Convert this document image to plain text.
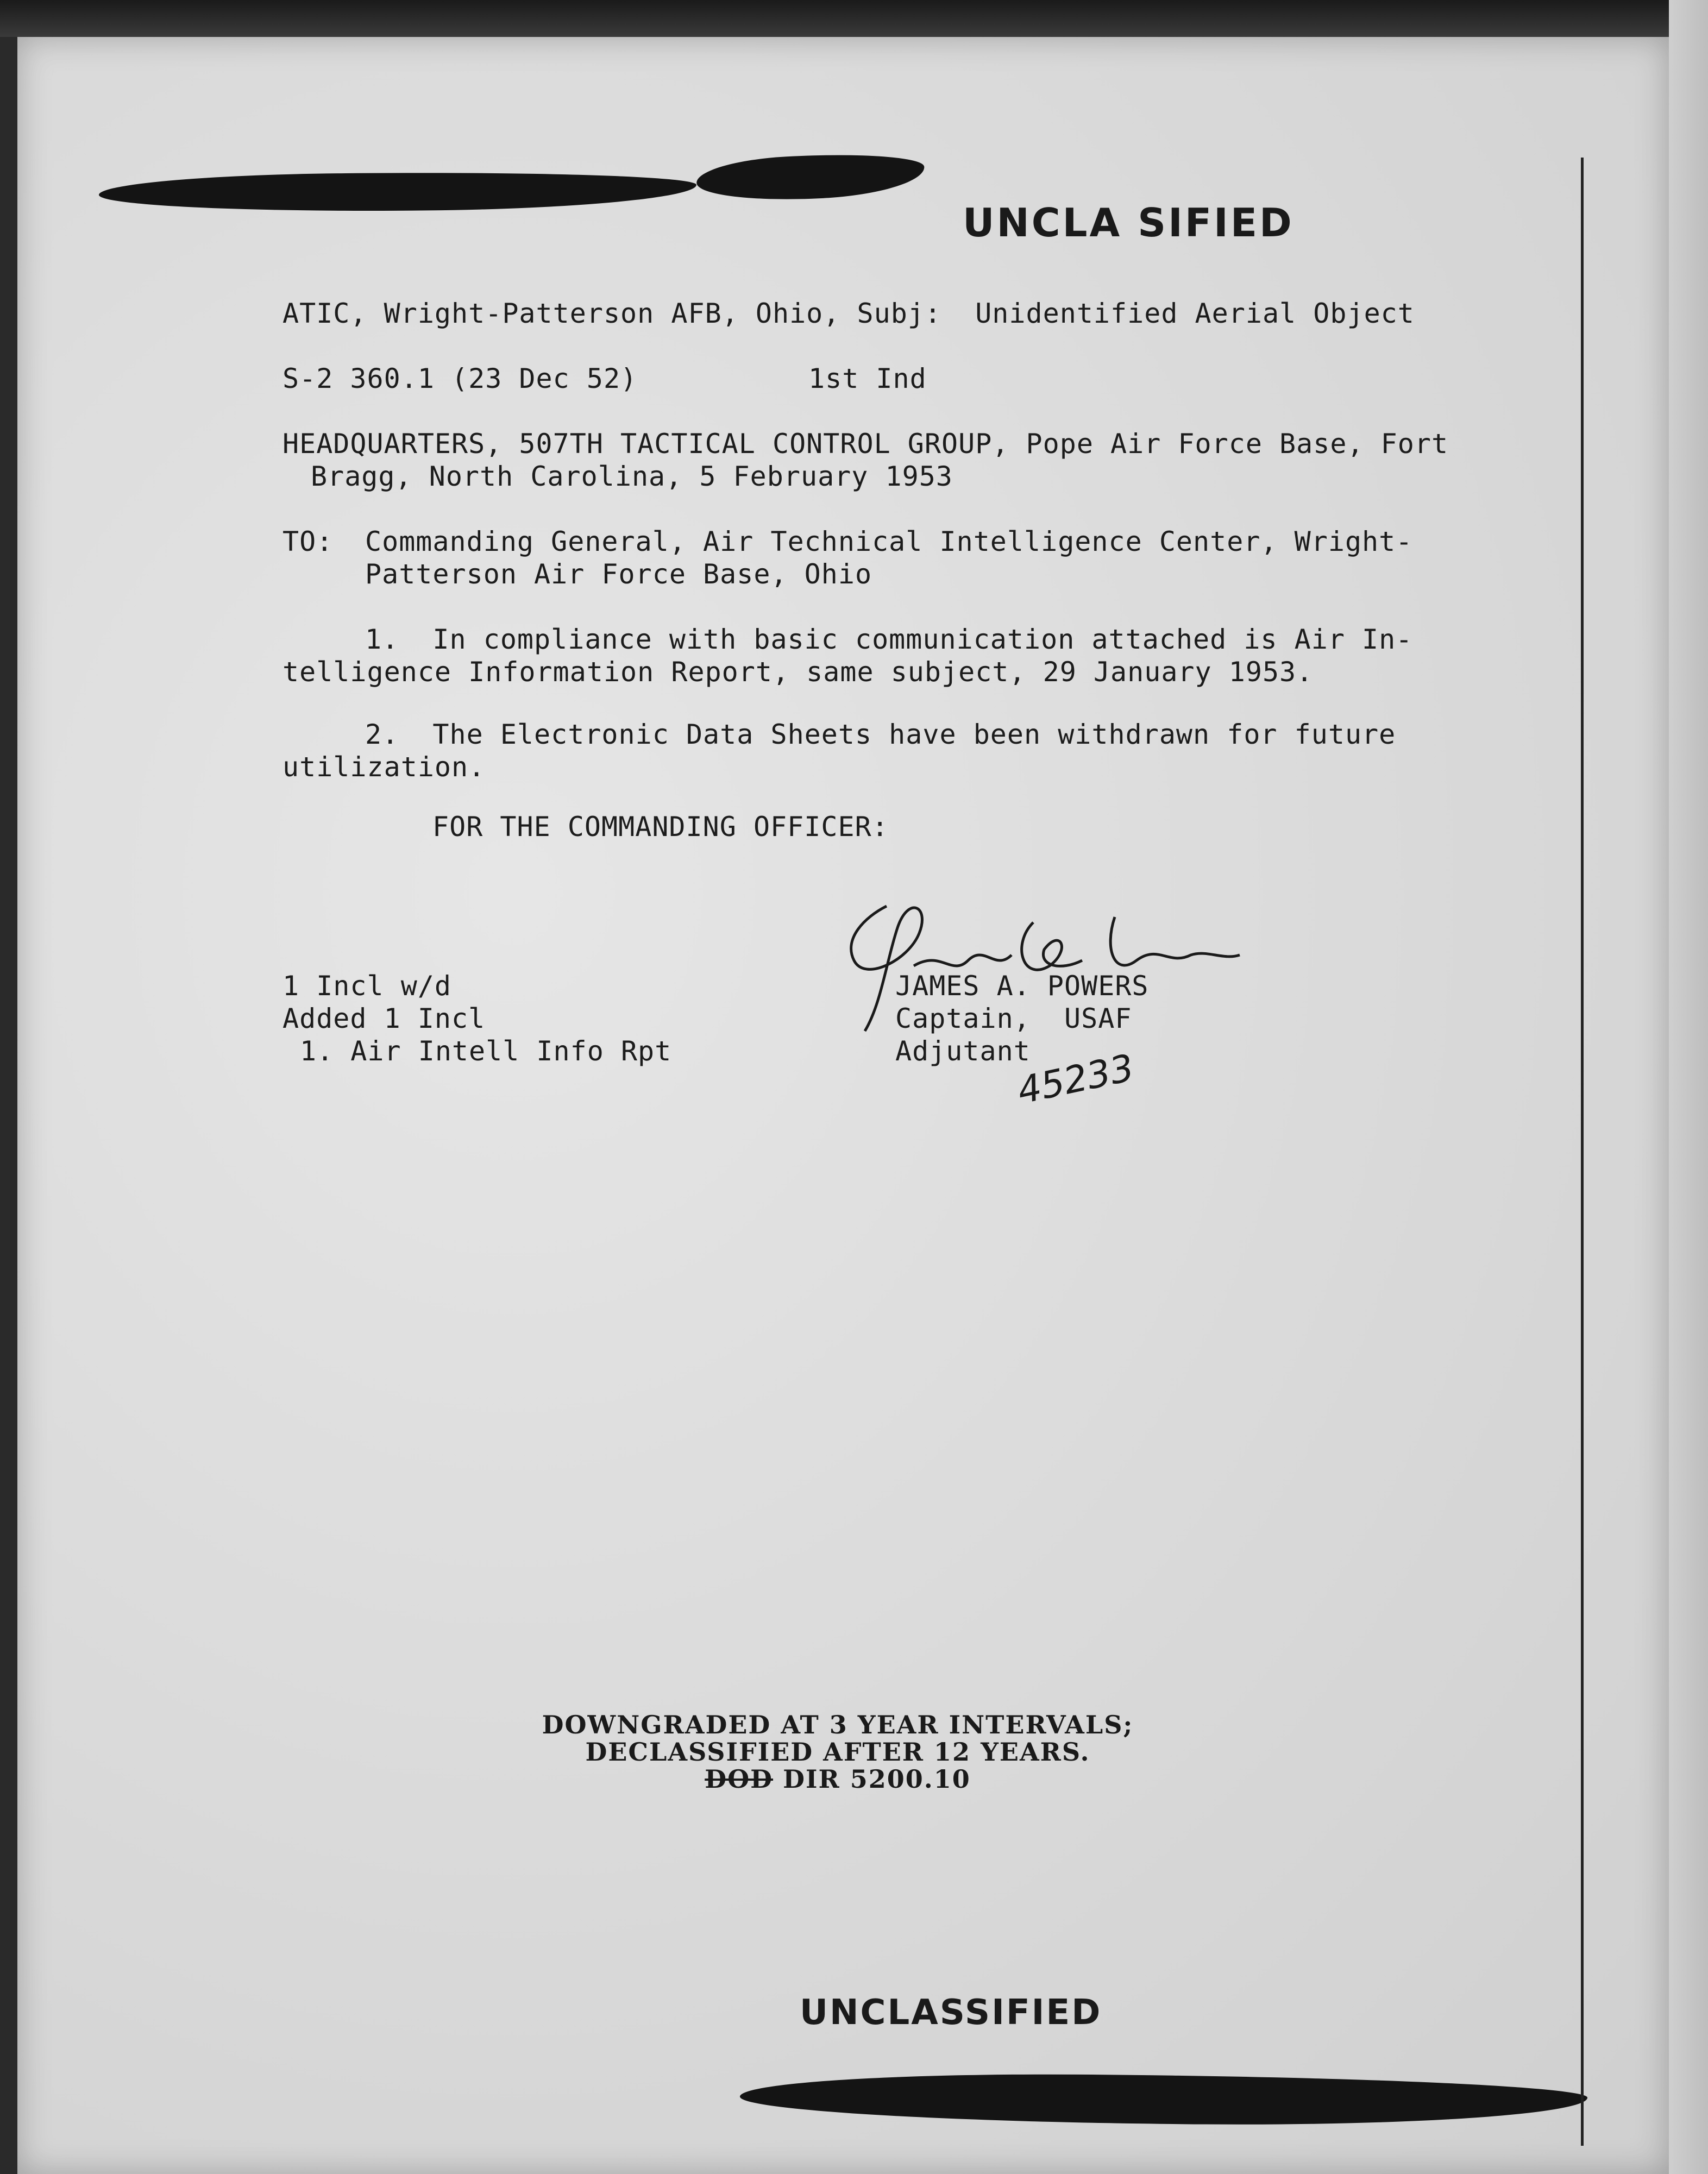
UNCLA SIFIED
ATIC, Wright-Patterson AFB, Ohio, Subj:  Unidentified Aerial Object
S-2 360.1 (23 Dec 52)	1st Ind
HEADQUARTERS, 507TH TACTICAL CONTROL GROUP, Pope Air Force Base, Fort
Bragg, North Carolina, 5 February 1953
TO: Commanding General, Air Technical Intelligence Center, Wright-
Patterson Air Force Base, Ohio
1.  In compliance with basic communication attached is Air In-
telligence Information Report, same subject, 29 January 1953.
2.  The Electronic Data Sheets have been withdrawn for future
utilization.
FOR THE COMMANDING OFFICER:
1 Incl w/d
Added 1 Incl
1. Air Intell Info Rpt
JAMES A. POWERS
Captain,  USAF
Adjutant
45233
DOWNGRADED AT 3 YEAR INTERVALS;
DECLASSIFIED AFTER 12 YEARS.
DOD DIR 5200.10
UNCLASSIFIED
